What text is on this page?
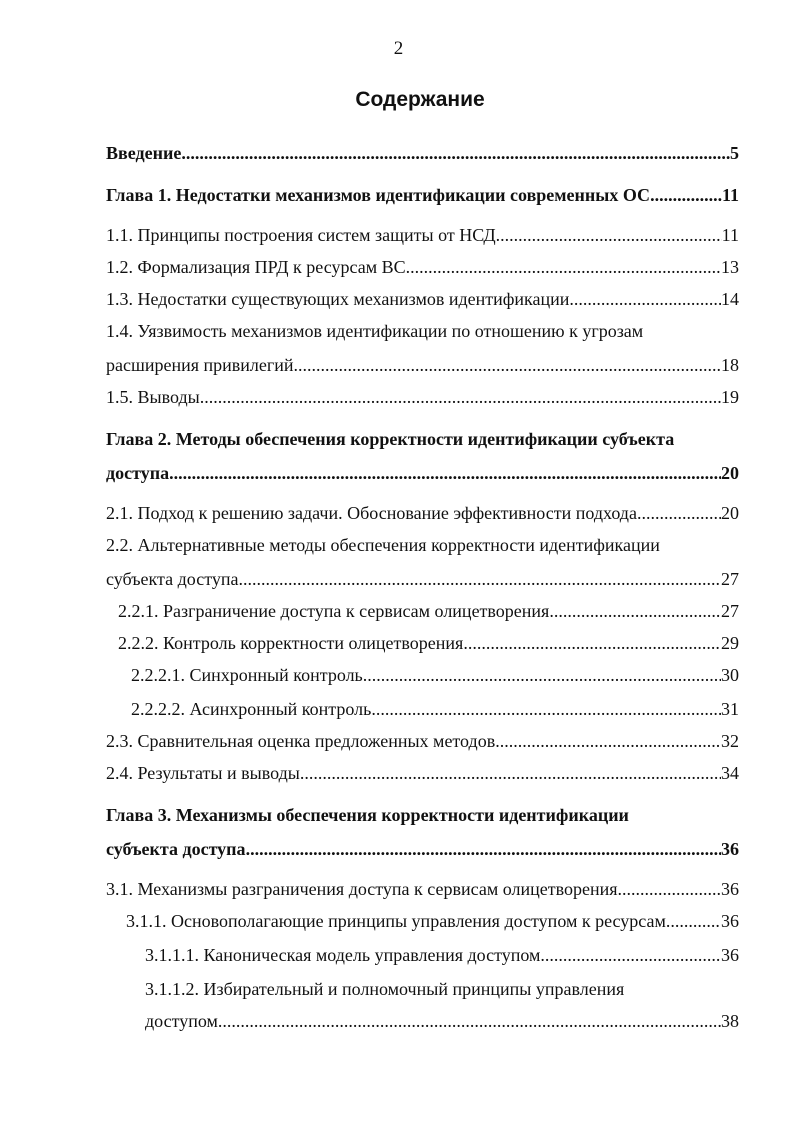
2
Содержание
Введение .....	5
Глава 1. Недостатки механизмов идентификации современных ОС .....	11
1.1. Принципы построения систем защиты от НСД .....	11
1.2. Формализация ПРД к ресурсам ВС .....	13
1.3. Недостатки существующих механизмов идентификации .....	14
1.4. Уязвимость механизмов идентификации по отношению к угрозам
расширения привилегий .....	18
1.5. Выводы .....	19
Глава 2. Методы обеспечения корректности идентификации субъекта
доступа... .....	20
2.1. Подход к решению задачи. Обоснование эффективности подхода .....	20
2.2. Альтернативные методы обеспечения корректности идентификации
субъекта доступа .....	27
2.2.1. Разграничение доступа к сервисам олицетворения .....	27
2.2.2. Контроль корректности олицетворения .....	29
2.2.2.1. Синхронный контроль .....	30
2.2.2.2. Асинхронный контроль .....	31
2.3. Сравнительная оценка предложенных методов .....	32
2.4. Результаты и выводы .....	34
Глава 3. Механизмы обеспечения корректности идентификации
субъекта доступа .....	36
3.1. Механизмы разграничения доступа к сервисам олицетворения .....	36
3.1.1. Основополагающие принципы управления доступом к ресурсам .....	36
3.1.1.1. Каноническая модель управления доступом .....	36
3.1.1.2. Избирательный и полномочный принципы управления
доступом .....	38
